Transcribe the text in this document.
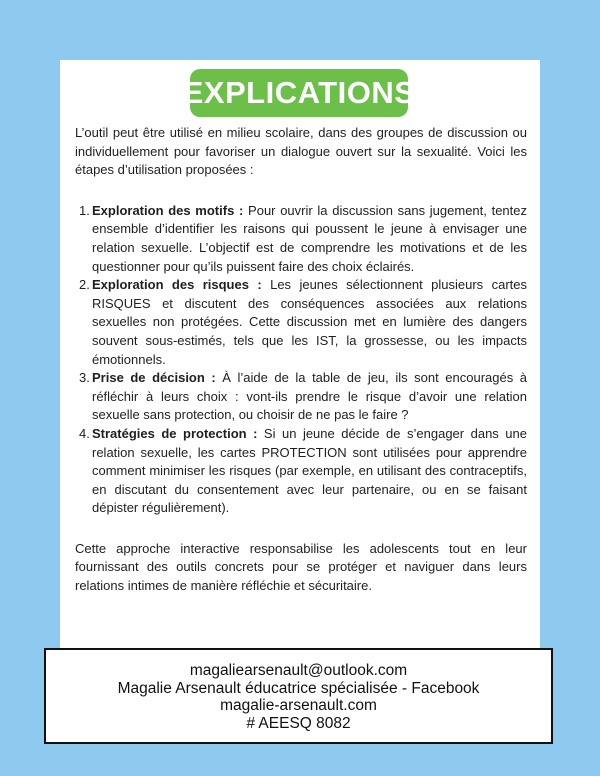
EXPLICATIONS

L’outil peut être utilisé en milieu scolaire, dans des groupes de discussion ou individuellement pour favoriser un dialogue ouvert sur la sexualité. Voici les étapes d’utilisation proposées :

1. Exploration des motifs : Pour ouvrir la discussion sans jugement, tentez ensemble d’identifier les raisons qui poussent le jeune à envisager une relation sexuelle. L’objectif est de comprendre les motivations et de les questionner pour qu’ils puissent faire des choix éclairés.
2. Exploration des risques : Les jeunes sélectionnent plusieurs cartes RISQUES et discutent des conséquences associées aux relations sexuelles non protégées. Cette discussion met en lumière des dangers souvent sous-estimés, tels que les IST, la grossesse, ou les impacts émotionnels.
3. Prise de décision : À l’aide de la table de jeu, ils sont encouragés à réfléchir à leurs choix : vont-ils prendre le risque d’avoir une relation sexuelle sans protection, ou choisir de ne pas le faire ?
4. Stratégies de protection : Si un jeune décide de s’engager dans une relation sexuelle, les cartes PROTECTION sont utilisées pour apprendre comment minimiser les risques (par exemple, en utilisant des contraceptifs, en discutant du consentement avec leur partenaire, ou en se faisant dépister régulièrement).

Cette approche interactive responsabilise les adolescents tout en leur fournissant des outils concrets pour se protéger et naviguer dans leurs relations intimes de manière réfléchie et sécuritaire.

magaliearsenault@outlook.com
Magalie Arsenault éducatrice spécialisée - Facebook
magalie-arsenault.com
# AEESQ 8082
